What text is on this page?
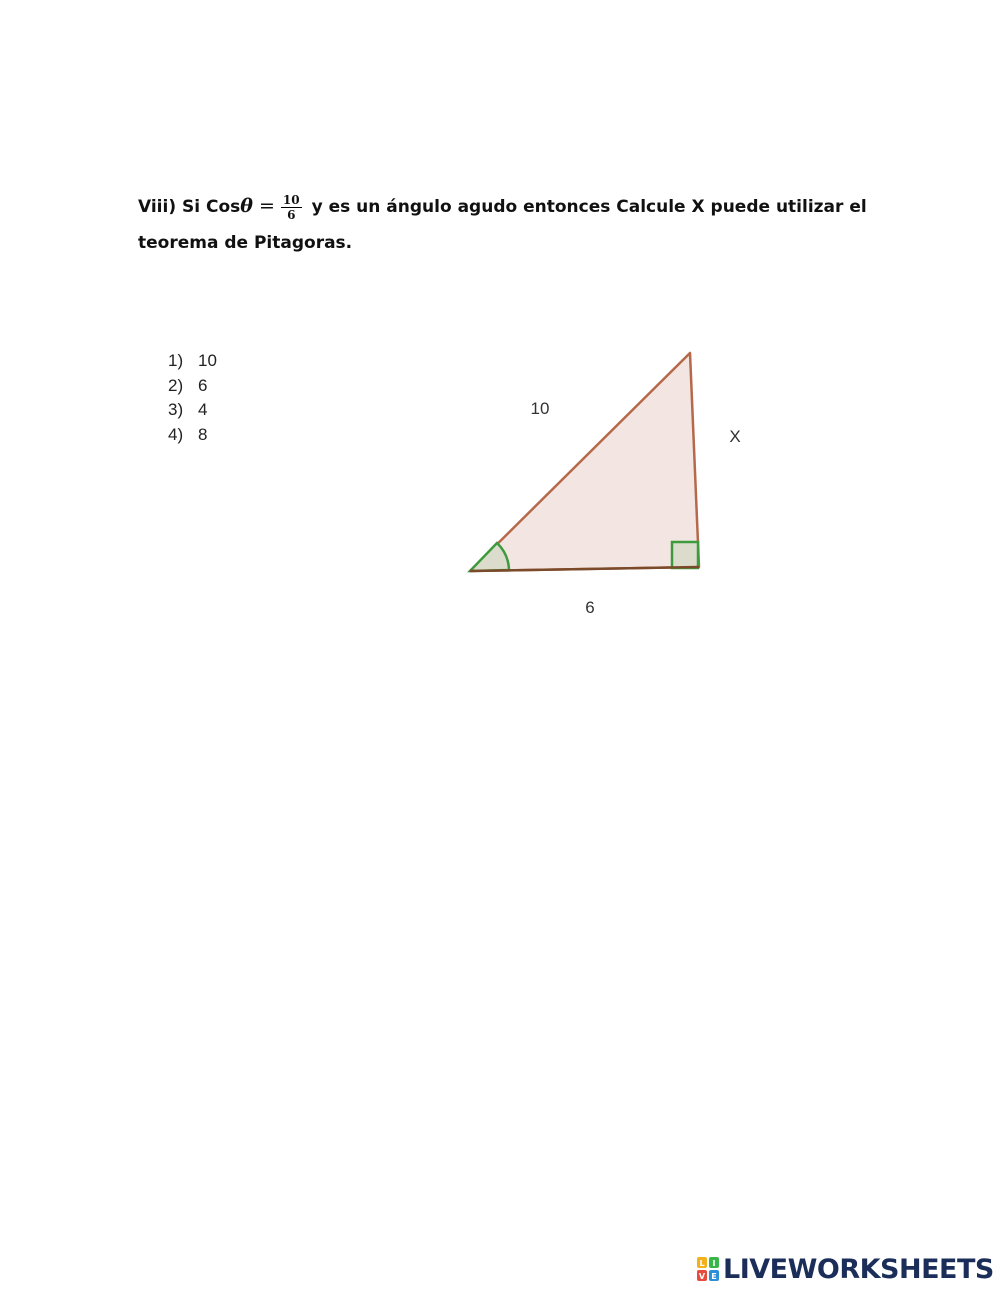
Viii) Si $Cos\theta = \frac{10}{6}$ y es un ángulo agudo entonces Calcule X puede utilizar el teorema de Pitagoras.
1) 10
2) 6
3) 4
4) 8
10
X
6
L I
V E LIVEWORKSHEETS
